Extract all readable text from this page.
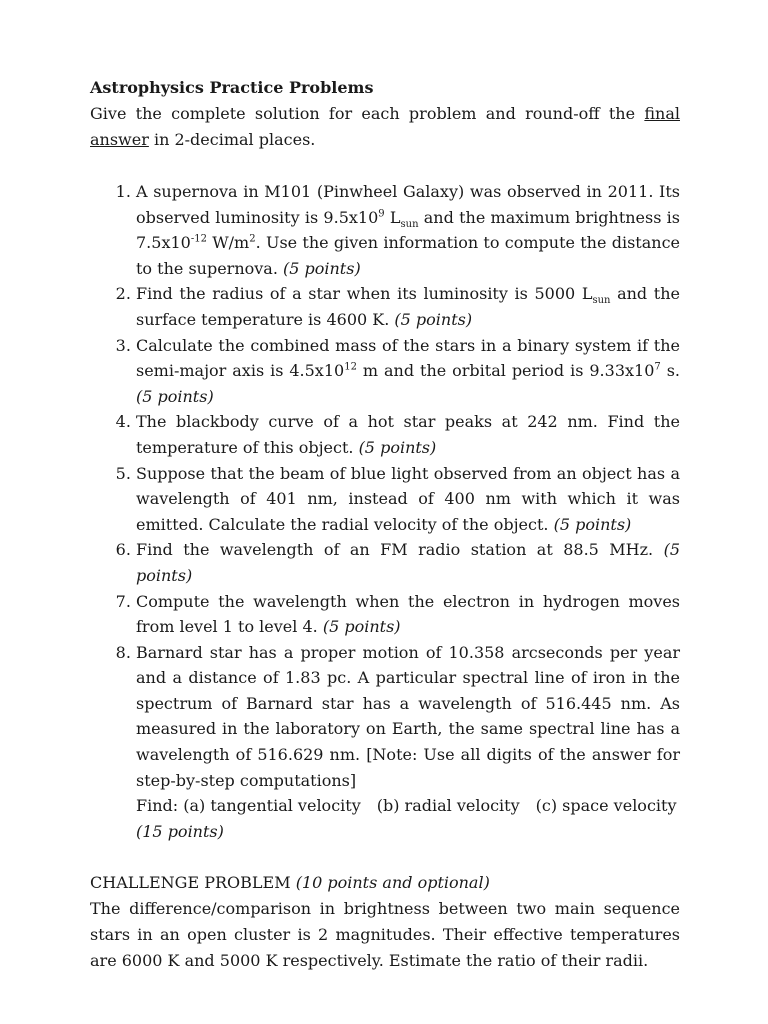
Astrophysics Practice Problems

Give the complete solution for each problem and round-off the final answer in 2-decimal places.

1. A supernova in M101 (Pinwheel Galaxy) was observed in 2011. Its observed luminosity is $9.5x10^9$ $L_{sun}$ and the maximum brightness is $7.5x10^{-12}$ $W/m^2$. Use the given information to compute the distance to the supernova. (5 points)
2. Find the radius of a star when its luminosity is 5000 $L_{sun}$ and the surface temperature is 4600 K. (5 points)
3. Calculate the combined mass of the stars in a binary system if the semi-major axis is $4.5x10^{12}$ m and the orbital period is $9.33x10^7$ s. (5 points)
4. The blackbody curve of a hot star peaks at 242 nm. Find the temperature of this object. (5 points)
5. Suppose that the beam of blue light observed from an object has a wavelength of 401 nm, instead of 400 nm with which it was emitted. Calculate the radial velocity of the object. (5 points)
6. Find the wavelength of an FM radio station at 88.5 MHz. (5 points)
7. Compute the wavelength when the electron in hydrogen moves from level 1 to level 4. (5 points)
8. Barnard star has a proper motion of 10.358 arcseconds per year and a distance of 1.83 pc. A particular spectral line of iron in the spectrum of Barnard star has a wavelength of 516.445 nm. As measured in the laboratory on Earth, the same spectral line has a wavelength of 516.629 nm. [Note: Use all digits of the answer for step-by-step computations]
Find: (a) tangential velocity (b) radial velocity (c) space velocity
(15 points)
CHALLENGE PROBLEM (10 points and optional)
The difference/comparison in brightness between two main sequence stars in an open cluster is 2 magnitudes. Their effective temperatures are 6000 K and 5000 K respectively. Estimate the ratio of their radii.
